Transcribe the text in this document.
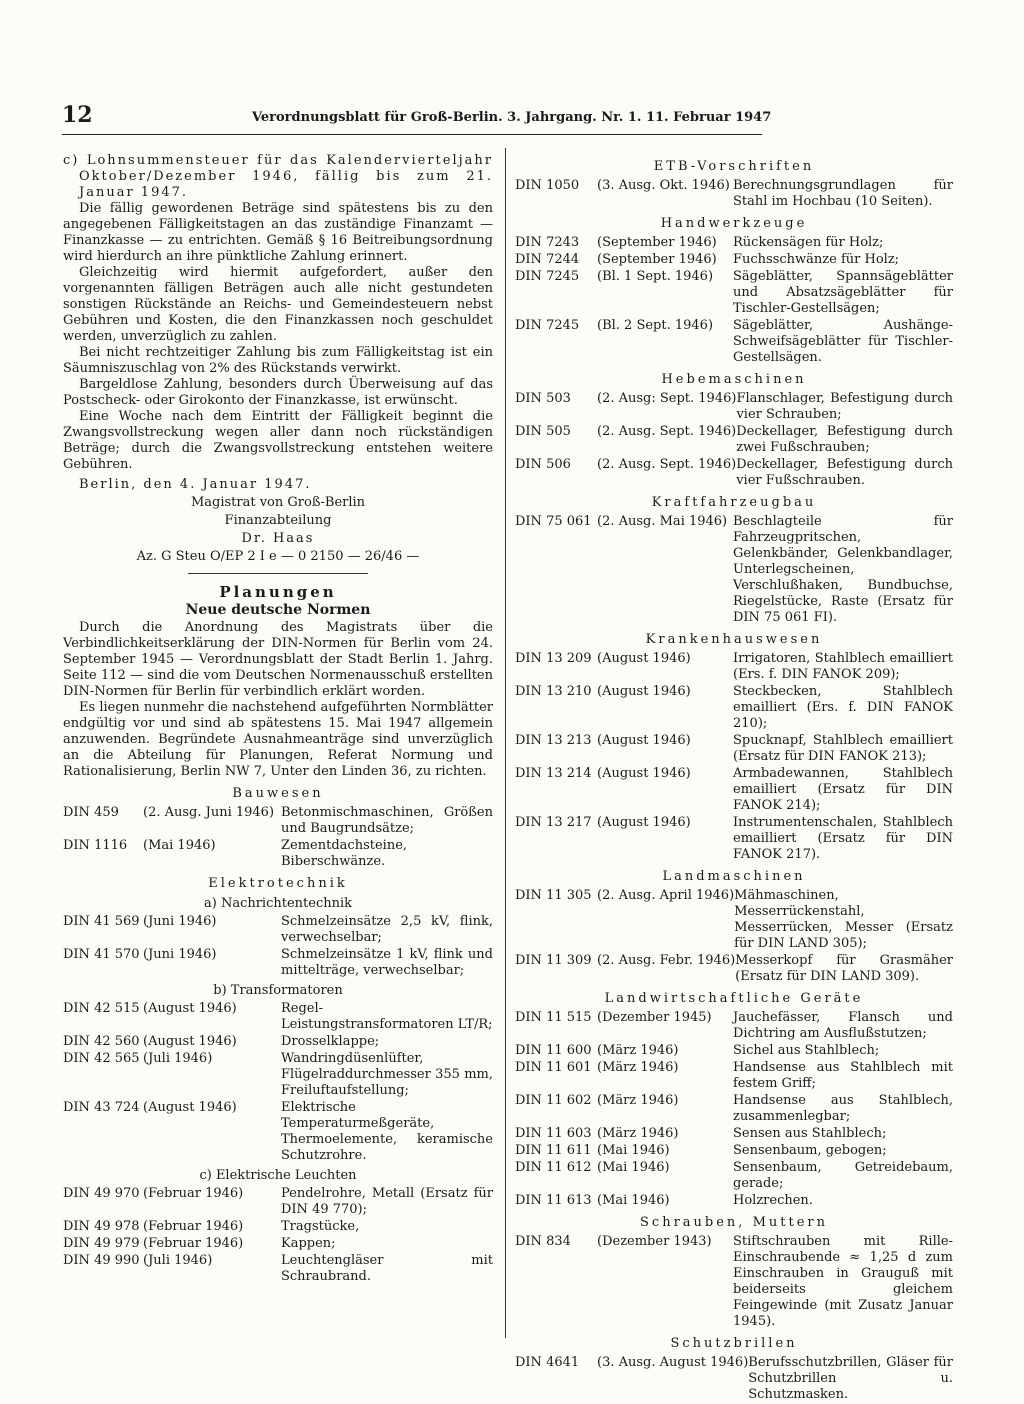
12	Verordnungsblatt für Groß-Berlin. 3. Jahrgang. Nr. 1. 11. Februar 1947

c) Lohnsummensteuer für das Kalendervierteljahr Oktober/Dezember 1946, fällig bis zum 21. Januar 1947.

Die fällig gewordenen Beträge sind spätestens bis zu den angegebenen Fälligkeitstagen an das zuständige Finanzamt — Finanzkasse — zu entrichten. Gemäß § 16 Beitreibungsordnung wird hierdurch an ihre pünktliche Zahlung erinnert.

Gleichzeitig wird hiermit aufgefordert, außer den vorgenannten fälligen Beträgen auch alle nicht gestundeten sonstigen Rückstände an Reichs- und Gemeindesteuern nebst Gebühren und Kosten, die den Finanzkassen noch geschuldet werden, unverzüglich zu zahlen.

Bei nicht rechtzeitiger Zahlung bis zum Fälligkeitstag ist ein Säumniszuschlag von 2% des Rückstands verwirkt.

Bargeldlose Zahlung, besonders durch Überweisung auf das Postscheck- oder Girokonto der Finanzkasse, ist erwünscht.

Eine Woche nach dem Eintritt der Fälligkeit beginnt die Zwangsvollstreckung wegen aller dann noch rückständigen Beträge; durch die Zwangsvollstreckung entstehen weitere Gebühren.

Berlin, den 4. Januar 1947.

Magistrat von Groß-Berlin
Finanzabteilung
Dr. Haas
Az. G Steu O/EP 2 I e — 0 2150 — 26/46 —
Planungen
Neue deutsche Normen

Durch die Anordnung des Magistrats über die Verbindlichkeitserklärung der DIN-Normen für Berlin vom 24. September 1945 — Verordnungsblatt der Stadt Berlin 1. Jahrg. Seite 112 — sind die vom Deutschen Normenausschuß erstellten DIN-Normen für Berlin für verbindlich erklärt worden.

Es liegen nunmehr die nachstehend aufgeführten Normblätter endgültig vor und sind ab spätestens 15. Mai 1947 allgemein anzuwenden. Begründete Ausnahmeanträge sind unverzüglich an die Abteilung für Planungen, Referat Normung und Rationalisierung, Berlin NW 7, Unter den Linden 36, zu richten.

Bauwesen
DIN 459	(2. Ausg. Juni 1946) Betonmischmaschinen, Größen und Baugrundsätze;
DIN 1116	(Mai 1946)	Zementdachsteine, Biberschwänze.
Elektrotechnik
a) Nachrichtentechnik
DIN 41 569 (Juni 1946)	Schmelzeinsätze 2,5 kV, flink, verwechselbar;
DIN 41 570 (Juni 1946)	Schmelzeinsätze 1 kV, flink und mittelträge, verwechselbar;
b) Transformatoren
DIN 42 515 (August 1946)	Regel-Leistungstransformatoren LT/R;
DIN 42 560 (August 1946)	Drosselklappe;
DIN 42 565 (Juli 1946)	Wandringdüsenlüfter, Flügelraddurchmesser 355 mm, Freiluftaufstellung;
DIN 43 724 (August 1946)	Elektrische Temperaturmeßgeräte, Thermoelemente, keramische Schutzrohre.
c) Elektrische Leuchten
DIN 49 970 (Februar 1946)	Pendelrohre, Metall (Ersatz für DIN 49 770);
DIN 49 978 (Februar 1946)	Tragstücke,
DIN 49 979 (Februar 1946)	Kappen;
DIN 49 990 (Juli 1946)	Leuchtengläser mit Schraubrand.
ETB-Vorschriften
DIN 1050	(3. Ausg. Okt. 1946) Berechnungsgrundlagen für Stahl im Hochbau (10 Seiten).
Handwerkzeuge
DIN 7243	(September 1946)	Rückensägen für Holz;
DIN 7244	(September 1946)	Fuchsschwänze für Holz;
DIN 7245	(Bl. 1 Sept. 1946)	Sägeblätter, Spannsägeblätter und Absatzsägeblätter für Tischler-Gestellsägen;
DIN 7245	(Bl. 2 Sept. 1946)	Sägeblätter, Aushänge-Schweifsägeblätter für Tischler-Gestellsägen.
Hebemaschinen
DIN 503	(2. Ausg: Sept. 1946) Flanschlager, Befestigung durch vier Schrauben;
DIN 505	(2. Ausg. Sept. 1946) Deckellager, Befestigung durch zwei Fußschrauben;
DIN 506	(2. Ausg. Sept. 1946) Deckellager, Befestigung durch vier Fußschrauben.
Kraftfahrzeugbau
DIN 75 061 (2. Ausg. Mai 1946) Beschlagteile für Fahrzeugpritschen, Gelenkbänder, Gelenkbandlager, Unterlegscheinen, Verschlußhaken, Bundbuchse, Riegelstücke, Raste (Ersatz für DIN 75 061 FI).
Krankenhauswesen
DIN 13 209 (August 1946)	Irrigatoren, Stahlblech emailliert (Ers. f. DIN FANOK 209);
DIN 13 210 (August 1946)	Steckbecken, Stahlblech emailliert (Ers. f. DIN FANOK 210);
DIN 13 213 (August 1946)	Spucknapf, Stahlblech emailliert (Ersatz für DIN FANOK 213);
DIN 13 214 (August 1946)	Armbadewannen, Stahlblech emailliert (Ersatz für DIN FANOK 214);
DIN 13 217 (August 1946)	Instrumentenschalen, Stahlblech emailliert (Ersatz für DIN FANOK 217).
Landmaschinen
DIN 11 305 (2. Ausg. April 1946) Mähmaschinen, Messerrückenstahl, Messerrücken, Messer (Ersatz für DIN LAND 305);
DIN 11 309 (2. Ausg. Febr. 1946) Messerkopf für Grasmäher (Ersatz für DIN LAND 309).
Landwirtschaftliche Geräte
DIN 11 515 (Dezember 1945)	Jauchefässer, Flansch und Dichtring am Ausflußstutzen;
DIN 11 600 (März 1946)	Sichel aus Stahlblech;
DIN 11 601 (März 1946)	Handsense aus Stahlblech mit festem Griff;
DIN 11 602 (März 1946)	Handsense aus Stahlblech, zusammenlegbar;
DIN 11 603 (März 1946)	Sensen aus Stahlblech;
DIN 11 611 (Mai 1946)	Sensenbaum, gebogen;
DIN 11 612 (Mai 1946)	Sensenbaum, Getreidebaum, gerade;
DIN 11 613 (Mai 1946)	Holzrechen.
Schrauben, Muttern
DIN 834	(Dezember 1943)	Stiftschrauben mit Rille-Einschraubende ≈ 1,25 d zum Einschrauben in Grauguß mit beiderseits gleichem Feingewinde (mit Zusatz Januar 1945).
Schutzbrillen
DIN 4641	(3. Ausg. August 1946) Berufsschutzbrillen, Gläser für Schutzbrillen u. Schutzmasken.
